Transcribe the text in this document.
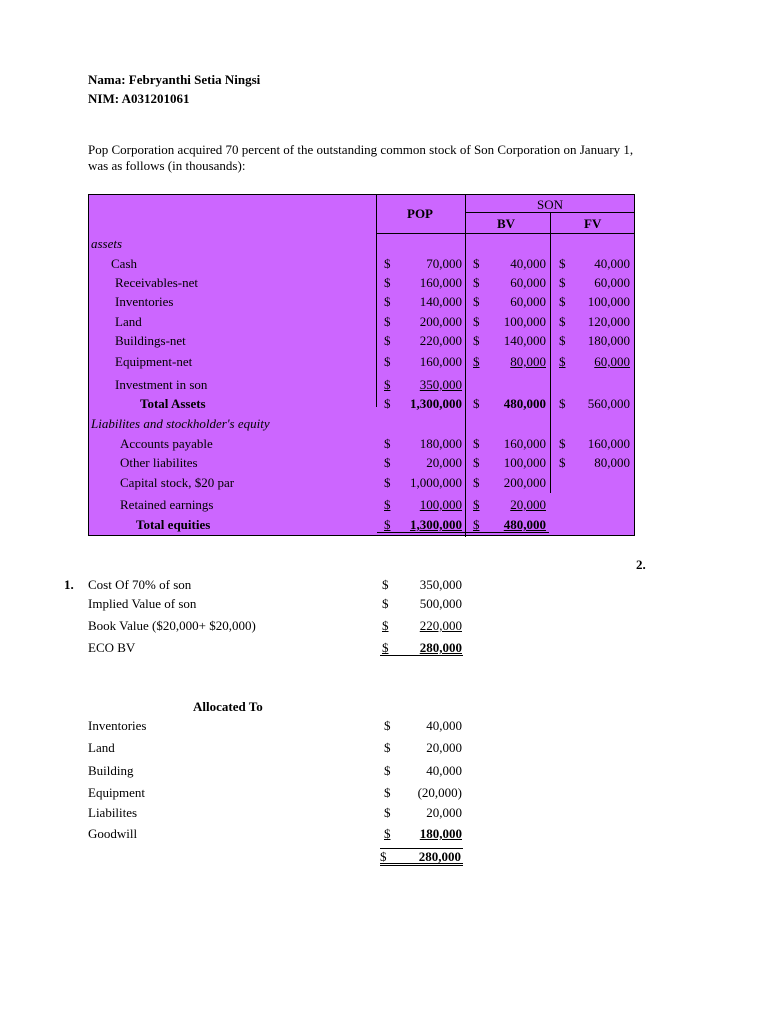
Nama: Febryanthi Setia Ningsi
NIM: A031201061
Pop Corporation acquired 70 percent of the outstanding common stock of Son Corporation on January 1,
was as follows (in thousands):
POP
SON
BV	FV
assets
Liabilites and stockholder's equity
Cash	$	70,000 $ 40,000 $ 40,000
Receivables-net	$ 160,000 $ 60,000 $ 60,000
Inventories	$ 140,000 $ 60,000 $ 100,000
Land	$ 200,000 $ 100,000 $ 120,000
Buildings-net	$ 220,000 $ 140,000 $ 180,000
Equipment-net	$ 160,000 $ 80,000 $ 60,000
Investment in son	$ 350,000
Total Assets	$ 1,300,000 $ 480,000 $ 560,000
Accounts payable	$ 180,000 $ 160,000 $ 160,000
Other liabilites	$	20,000 $ 100,000 $ 80,000
Capital stock, $20 par	$ 1,000,000 $ 200,000
Retained earnings	$ 100,000 $ 20,000
Total equities	$ 1,300,000 $ 480,000
2.
1. Cost Of 70% of son	$	350,000
Implied Value of son	$	500,000
Book Value ($20,000+ $20,000)	$	220,000
ECO BV	$	280,000
Allocated To
Inventories	$	40,000
Land	$	20,000
Building	$	40,000
Equipment	$	(20,000)
Liabilites	$	20,000
Goodwill	$	180,000
$ 280,000
